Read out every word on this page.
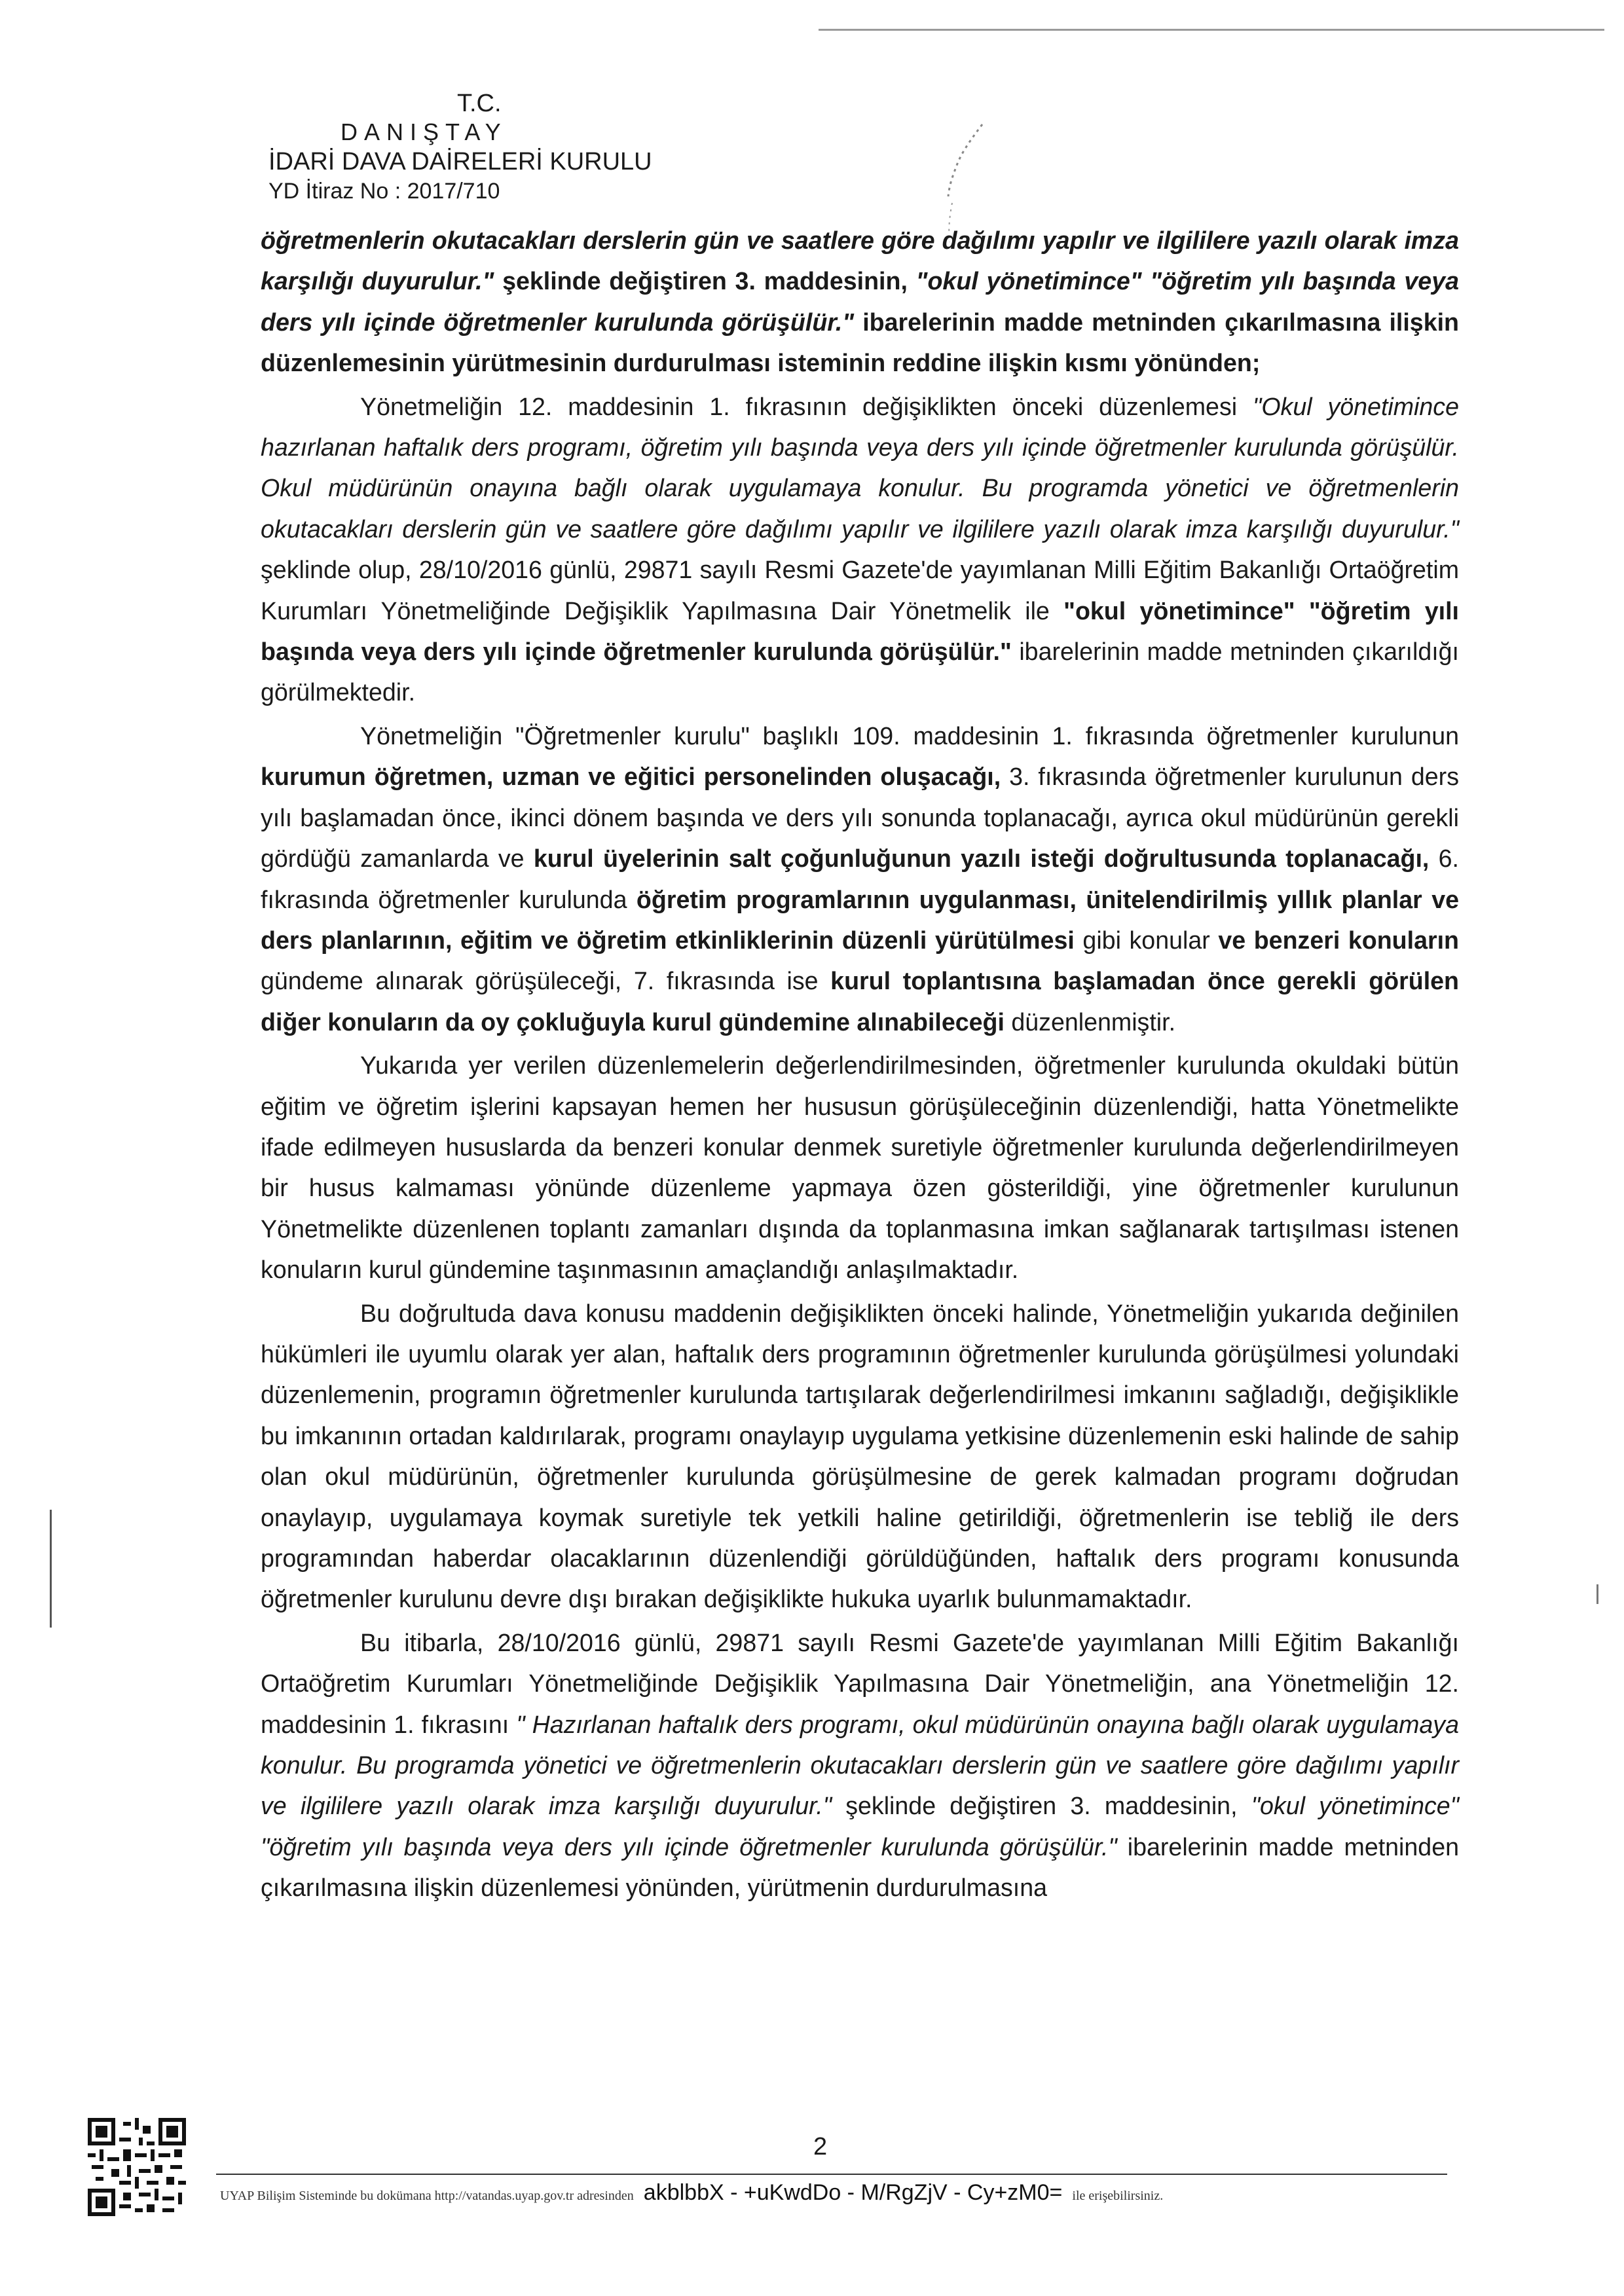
T.C.
DANIŞTAY
İDARİ DAVA DAİRELERİ KURULU
YD İtiraz No : 2017/710

öğretmenlerin okutacakları derslerin gün ve saatlere göre dağılımı yapılır ve ilgililere yazılı olarak imza karşılığı duyurulur." şeklinde değiştiren 3. maddesinin, "okul yönetimince" "öğretim yılı başında veya ders yılı içinde öğretmenler kurulunda görüşülür." ibarelerinin madde metninden çıkarılmasına ilişkin düzenlemesinin yürütmesinin durdurulması isteminin reddine ilişkin kısmı yönünden;

Yönetmeliğin 12. maddesinin 1. fıkrasının değişiklikten önceki düzenlemesi "Okul yönetimince hazırlanan haftalık ders programı, öğretim yılı başında veya ders yılı içinde öğretmenler kurulunda görüşülür. Okul müdürünün onayına bağlı olarak uygulamaya konulur. Bu programda yönetici ve öğretmenlerin okutacakları derslerin gün ve saatlere göre dağılımı yapılır ve ilgililere yazılı olarak imza karşılığı duyurulur." şeklinde olup, 28/10/2016 günlü, 29871 sayılı Resmi Gazete'de yayımlanan Milli Eğitim Bakanlığı Ortaöğretim Kurumları Yönetmeliğinde Değişiklik Yapılmasına Dair Yönetmelik ile "okul yönetimince" "öğretim yılı başında veya ders yılı içinde öğretmenler kurulunda görüşülür." ibarelerinin madde metninden çıkarıldığı görülmektedir.

Yönetmeliğin "Öğretmenler kurulu" başlıklı 109. maddesinin 1. fıkrasında öğretmenler kurulunun kurumun öğretmen, uzman ve eğitici personelinden oluşacağı, 3. fıkrasında öğretmenler kurulunun ders yılı başlamadan önce, ikinci dönem başında ve ders yılı sonunda toplanacağı, ayrıca okul müdürünün gerekli gördüğü zamanlarda ve kurul üyelerinin salt çoğunluğunun yazılı isteği doğrultusunda toplanacağı, 6. fıkrasında öğretmenler kurulunda öğretim programlarının uygulanması, ünitelendirilmiş yıllık planlar ve ders planlarının, eğitim ve öğretim etkinliklerinin düzenli yürütülmesi gibi konular ve benzeri konuların gündeme alınarak görüşüleceği, 7. fıkrasında ise kurul toplantısına başlamadan önce gerekli görülen diğer konuların da oy çokluğuyla kurul gündemine alınabileceği düzenlenmiştir.

Yukarıda yer verilen düzenlemelerin değerlendirilmesinden, öğretmenler kurulunda okuldaki bütün eğitim ve öğretim işlerini kapsayan hemen her hususun görüşüleceğinin düzenlendiği, hatta Yönetmelikte ifade edilmeyen hususlarda da benzeri konular denmek suretiyle öğretmenler kurulunda değerlendirilmeyen bir husus kalmaması yönünde düzenleme yapmaya özen gösterildiği, yine öğretmenler kurulunun Yönetmelikte düzenlenen toplantı zamanları dışında da toplanmasına imkan sağlanarak tartışılması istenen konuların kurul gündemine taşınmasının amaçlandığı anlaşılmaktadır.

Bu doğrultuda dava konusu maddenin değişiklikten önceki halinde, Yönetmeliğin yukarıda değinilen hükümleri ile uyumlu olarak yer alan, haftalık ders programının öğretmenler kurulunda görüşülmesi yolundaki düzenlemenin, programın öğretmenler kurulunda tartışılarak değerlendirilmesi imkanını sağladığı, değişiklikle bu imkanının ortadan kaldırılarak, programı onaylayıp uygulama yetkisine düzenlemenin eski halinde de sahip olan okul müdürünün, öğretmenler kurulunda görüşülmesine de gerek kalmadan programı doğrudan onaylayıp, uygulamaya koymak suretiyle tek yetkili haline getirildiği, öğretmenlerin ise tebliğ ile ders programından haberdar olacaklarının düzenlendiği görüldüğünden, haftalık ders programı konusunda öğretmenler kurulunu devre dışı bırakan değişiklikte hukuka uyarlık bulunmamaktadır.

Bu itibarla, 28/10/2016 günlü, 29871 sayılı Resmi Gazete'de yayımlanan Milli Eğitim Bakanlığı Ortaöğretim Kurumları Yönetmeliğinde Değişiklik Yapılmasına Dair Yönetmeliğin, ana Yönetmeliğin 12. maddesinin 1. fıkrasını " Hazırlanan haftalık ders programı, okul müdürünün onayına bağlı olarak uygulamaya konulur. Bu programda yönetici ve öğretmenlerin okutacakları derslerin gün ve saatlere göre dağılımı yapılır ve ilgililere yazılı olarak imza karşılığı duyurulur." şeklinde değiştiren 3. maddesinin, "okul yönetimince" "öğretim yılı başında veya ders yılı içinde öğretmenler kurulunda görüşülür." ibarelerinin madde metninden çıkarılmasına ilişkin düzenlemesi yönünden, yürütmenin durdurulmasına

2
UYAP Bilişim Sisteminde bu dokümana http://vatandas.uyap.gov.tr adresinden akblbbX - +uKwdDo - M/RgZjV - Cy+zM0= ile erişebilirsiniz.
